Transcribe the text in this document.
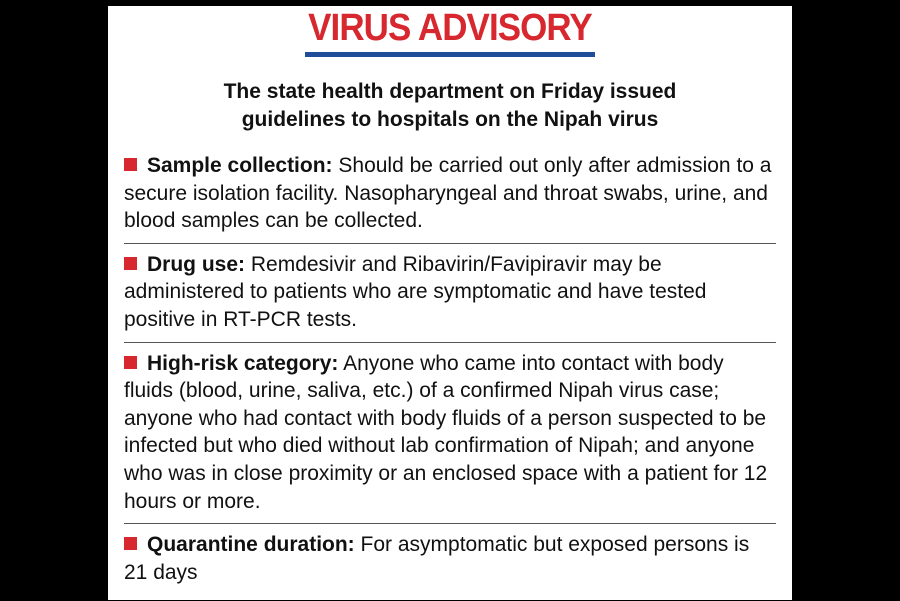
VIRUS ADVISORY
The state health department on Friday issued
guidelines to hospitals on the Nipah virus
Sample collection: Should be carried out only after admission to a secure isolation facility. Nasopharyngeal and throat swabs, urine, and blood samples can be collected.
Drug use: Remdesivir and Ribavirin/Favipiravir may be administered to patients who are symptomatic and have tested positive in RT-PCR tests.
High-risk category: Anyone who came into contact with body fluids (blood, urine, saliva, etc.) of a confirmed Nipah virus case; anyone who had contact with body fluids of a person suspected to be infected but who died without lab confirmation of Nipah; and anyone who was in close proximity or an enclosed space with a patient for 12 hours or more.
Quarantine duration: For asymptomatic but exposed persons is 21 days
